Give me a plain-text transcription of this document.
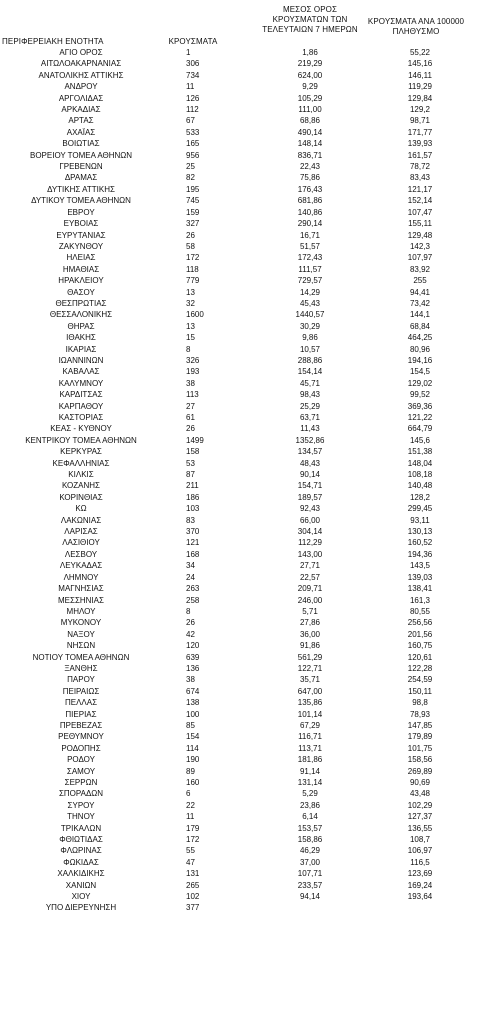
ΠΕΡΙΦΕΡΕΙΑΚΗ ΕΝΟΤΗΤΑ	ΚΡΟΥΣΜΑΤΑ
ΜΕΣΟΣ ΟΡΟΣ ΚΡΟΥΣΜΑΤΩΝ ΤΩΝ ΤΕΛΕΥΤΑΙΩΝ 7 ΗΜΕΡΩΝ
ΚΡΟΥΣΜΑΤΑ ΑΝΑ 100000 ΠΛΗΘΥΣΜΟ
ΑΓΙΟ ΟΡΟΣ	1	1,86	55,22
ΑΙΤΩΛΟΑΚΑΡΝΑΝΙΑΣ	306	219,29	145,16
ΑΝΑΤΟΛΙΚΗΣ ΑΤΤΙΚΗΣ	734	624,00	146,11
ΑΝΔΡΟΥ	11	9,29	119,29
ΑΡΓΟΛΙΔΑΣ	126	105,29	129,84
ΑΡΚΑΔΙΑΣ	112	111,00	129,2
ΑΡΤΑΣ	67	68,86	98,71
ΑΧΑΪΑΣ	533	490,14	171,77
ΒΟΙΩΤΙΑΣ	165	148,14	139,93
ΒΟΡΕΙΟΥ ΤΟΜΕΑ ΑΘΗΝΩΝ	956	836,71	161,57
ΓΡΕΒΕΝΩΝ	25	22,43	78,72
ΔΡΑΜΑΣ	82	75,86	83,43
ΔΥΤΙΚΗΣ ΑΤΤΙΚΗΣ	195	176,43	121,17
ΔΥΤΙΚΟΥ ΤΟΜΕΑ ΑΘΗΝΩΝ	745	681,86	152,14
ΕΒΡΟΥ	159	140,86	107,47
ΕΥΒΟΙΑΣ	327	290,14	155,11
ΕΥΡΥΤΑΝΙΑΣ	26	16,71	129,48
ΖΑΚΥΝΘΟΥ	58	51,57	142,3
ΗΛΕΙΑΣ	172	172,43	107,97
ΗΜΑΘΙΑΣ	118	111,57	83,92
ΗΡΑΚΛΕΙΟΥ	779	729,57	255
ΘΑΣΟΥ	13	14,29	94,41
ΘΕΣΠΡΩΤΙΑΣ	32	45,43	73,42
ΘΕΣΣΑΛΟΝΙΚΗΣ	1600	1440,57	144,1
ΘΗΡΑΣ	13	30,29	68,84
ΙΘΑΚΗΣ	15	9,86	464,25
ΙΚΑΡΙΑΣ	8	10,57	80,96
ΙΩΑΝΝΙΝΩΝ	326	288,86	194,16
ΚΑΒΑΛΑΣ	193	154,14	154,5
ΚΑΛΥΜΝΟΥ	38	45,71	129,02
ΚΑΡΔΙΤΣΑΣ	113	98,43	99,52
ΚΑΡΠΑΘΟΥ	27	25,29	369,36
ΚΑΣΤΟΡΙΑΣ	61	63,71	121,22
ΚΕΑΣ - ΚΥΘΝΟΥ	26	11,43	664,79
ΚΕΝΤΡΙΚΟΥ ΤΟΜΕΑ ΑΘΗΝΩΝ	1499	1352,86	145,6
ΚΕΡΚΥΡΑΣ	158	134,57	151,38
ΚΕΦΑΛΛΗΝΙΑΣ	53	48,43	148,04
ΚΙΛΚΙΣ	87	90,14	108,18
ΚΟΖΑΝΗΣ	211	154,71	140,48
ΚΟΡΙΝΘΙΑΣ	186	189,57	128,2
ΚΩ	103	92,43	299,45
ΛΑΚΩΝΙΑΣ	83	66,00	93,11
ΛΑΡΙΣΑΣ	370	304,14	130,13
ΛΑΣΙΘΙΟΥ	121	112,29	160,52
ΛΕΣΒΟΥ	168	143,00	194,36
ΛΕΥΚΑΔΑΣ	34	27,71	143,5
ΛΗΜΝΟΥ	24	22,57	139,03
ΜΑΓΝΗΣΙΑΣ	263	209,71	138,41
ΜΕΣΣΗΝΙΑΣ	258	246,00	161,3
ΜΗΛΟΥ	8	5,71	80,55
ΜΥΚΟΝΟΥ	26	27,86	256,56
ΝΑΞΟΥ	42	36,00	201,56
ΝΗΣΩΝ	120	91,86	160,75
ΝΟΤΙΟΥ ΤΟΜΕΑ ΑΘΗΝΩΝ	639	561,29	120,61
ΞΑΝΘΗΣ	136	122,71	122,28
ΠΑΡΟΥ	38	35,71	254,59
ΠΕΙΡΑΙΩΣ	674	647,00	150,11
ΠΕΛΛΑΣ	138	135,86	98,8
ΠΙΕΡΙΑΣ	100	101,14	78,93
ΠΡΕΒΕΖΑΣ	85	67,29	147,85
ΡΕΘΥΜΝΟΥ	154	116,71	179,89
ΡΟΔΟΠΗΣ	114	113,71	101,75
ΡΟΔΟΥ	190	181,86	158,56
ΣΑΜΟΥ	89	91,14	269,89
ΣΕΡΡΩΝ	160	131,14	90,69
ΣΠΟΡΑΔΩΝ	6	5,29	43,48
ΣΥΡΟΥ	22	23,86	102,29
ΤΗΝΟΥ	11	6,14	127,37
ΤΡΙΚΑΛΩΝ	179	153,57	136,55
ΦΘΙΩΤΙΔΑΣ	172	158,86	108,7
ΦΛΩΡΙΝΑΣ	55	46,29	106,97
ΦΩΚΙΔΑΣ	47	37,00	116,5
ΧΑΛΚΙΔΙΚΗΣ	131	107,71	123,69
ΧΑΝΙΩΝ	265	233,57	169,24
ΧΙΟΥ	102	94,14	193,64
ΥΠΟ ΔΙΕΡΕΥΝΗΣΗ	377
